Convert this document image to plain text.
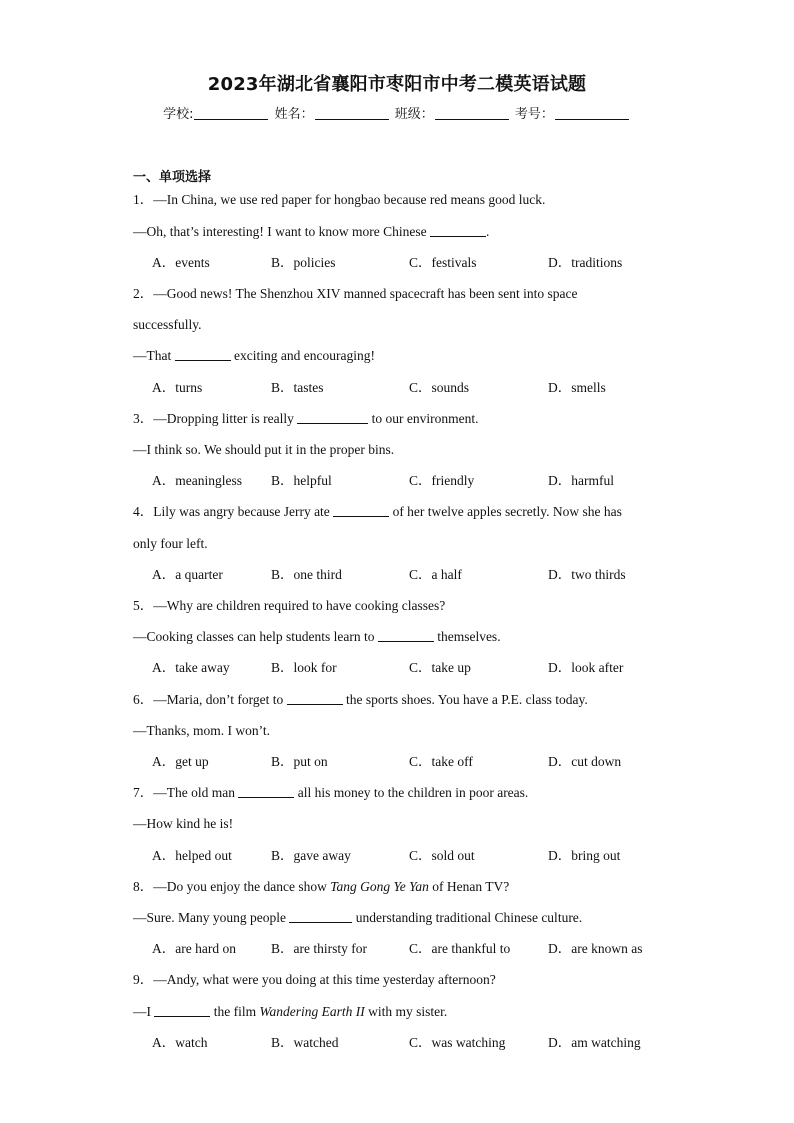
2023年湖北省襄阳市枣阳市中考二模英语试题
学校:	姓名：	班级：	考号：
一、单项选择
1．—In China, we use red paper for hongbao because red means good luck.
—Oh, that’s interesting! I want to know more Chinese	.
A．events	B．policies	C．festivals	D．traditions
2．—Good news! The Shenzhou XIV manned spacecraft has been sent into space
successfully.
—That	exciting and encouraging!
A．turns	B．tastes	C．sounds	D．smells
3．—Dropping litter is really	to our environment.
—I think so. We should put it in the proper bins.
A．meaningless B．helpful	C．friendly	D．harmful
4．Lily was angry because Jerry ate	of her twelve apples secretly. Now she has
only four left.
A．a quarter	B．one third	C．a half	D．two thirds
5．—Why are children required to have cooking classes?
—Cooking classes can help students learn to	themselves.
A．take away	B．look for	C．take up	D．look after
6．—Maria, don’t forget to	the sports shoes. You have a P.E. class today.
—Thanks, mom. I won’t.
A．get up	B．put on	C．take off	D．cut down
7．—The old man	all his money to the children in poor areas.
—How kind he is!
A．helped out	B．gave away	C．sold out	D．bring out
8．—Do you enjoy the dance show Tang Gong Ye Yan of Henan TV?
—Sure. Many young people	understanding traditional Chinese culture.
A．are hard on	B．are thirsty for	C．are thankful to	D．are known as
9．—Andy, what were you doing at this time yesterday afternoon?
—I	the film Wandering Earth II with my sister.
A．watch	B．watched	C．was watching	D．am watching
